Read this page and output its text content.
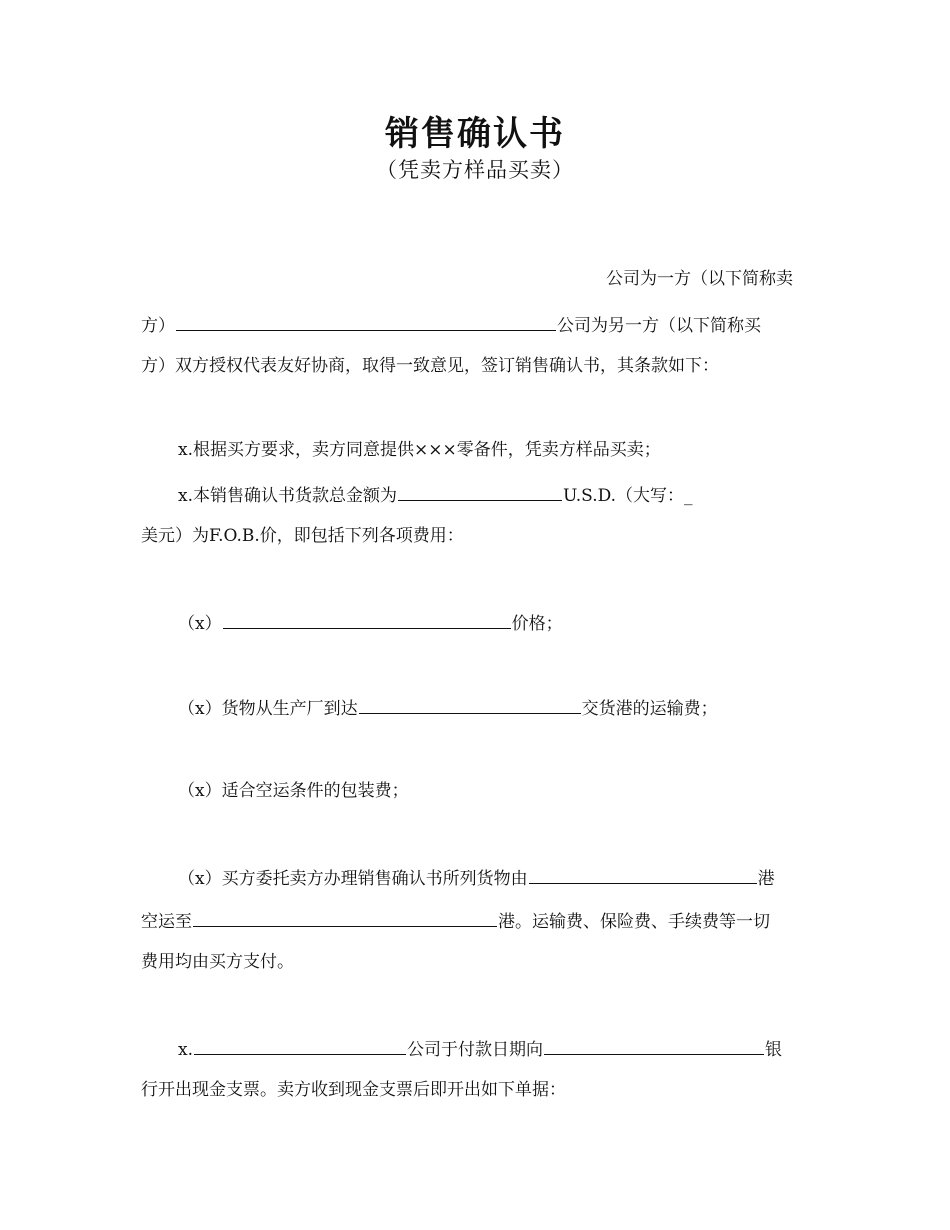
销售确认书
（凭卖方样品买卖）
公司为一方（以下简称卖
方）	公司为另一方（以下简称买
方）双方授权代表友好协商，取得一致意见，签订销售确认书，其条款如下：
x.根据买方要求，卖方同意提供×××零备件，凭卖方样品买卖；
x.本销售确认书货款总金额为	U.S.D.（大写：_
美元）为F.O.B.价，即包括下列各项费用：
（x）	价格；
（x）货物从生产厂到达	交货港的运输费；
（x）适合空运条件的包装费；
（x）买方委托卖方办理销售确认书所列货物由	港
空运至	港。运输费、保险费、手续费等一切
费用均由买方支付。
x.	公司于付款日期向	银
行开出现金支票。卖方收到现金支票后即开出如下单据：
